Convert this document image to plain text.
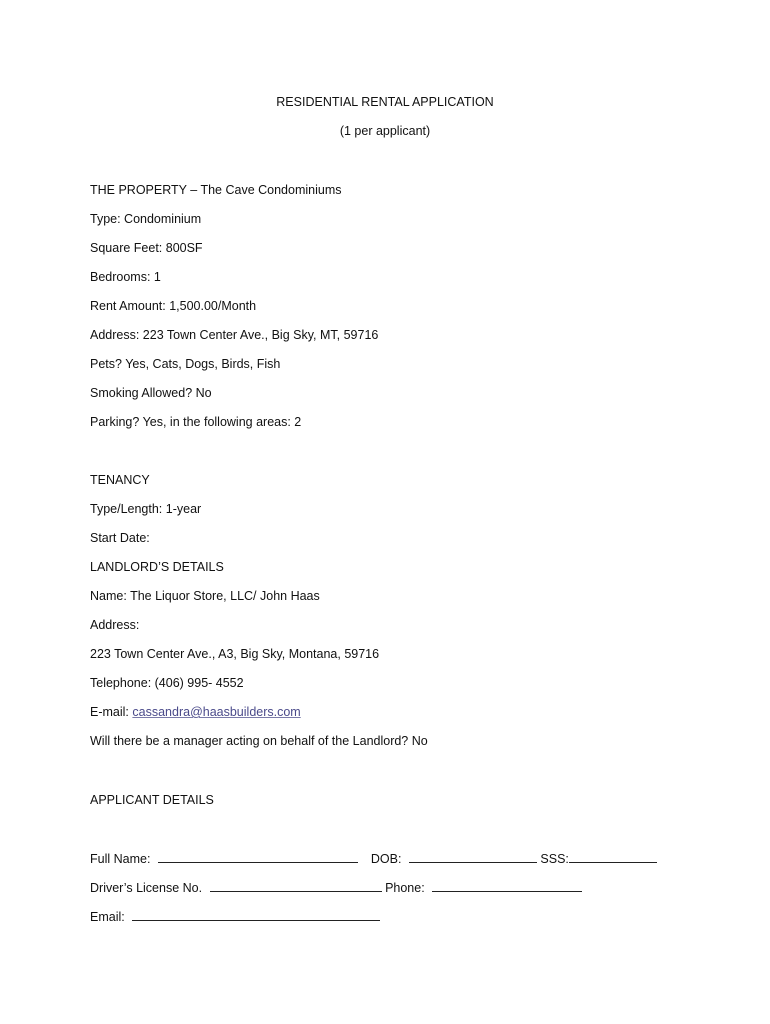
RESIDENTIAL RENTAL APPLICATION
(1 per applicant)
THE PROPERTY – The Cave Condominiums
Type: Condominium
Square Feet: 800SF
Bedrooms: 1
Rent Amount: 1,500.00/Month
Address: 223 Town Center Ave., Big Sky, MT, 59716
Pets? Yes, Cats, Dogs, Birds, Fish
Smoking Allowed? No
Parking? Yes, in the following areas: 2
TENANCY
Type/Length: 1-year
Start Date:
LANDLORD’S DETAILS
Name: The Liquor Store, LLC/ John Haas
Address:
223 Town Center Ave., A3, Big Sky, Montana, 59716
Telephone: (406) 995- 4552
E-mail: cassandra@haasbuilders.com
Will there be a manager acting on behalf of the Landlord? No
APPLICANT DETAILS
Full Name:	DOB:	SSS:
Driver’s License No.	Phone:
Email:
